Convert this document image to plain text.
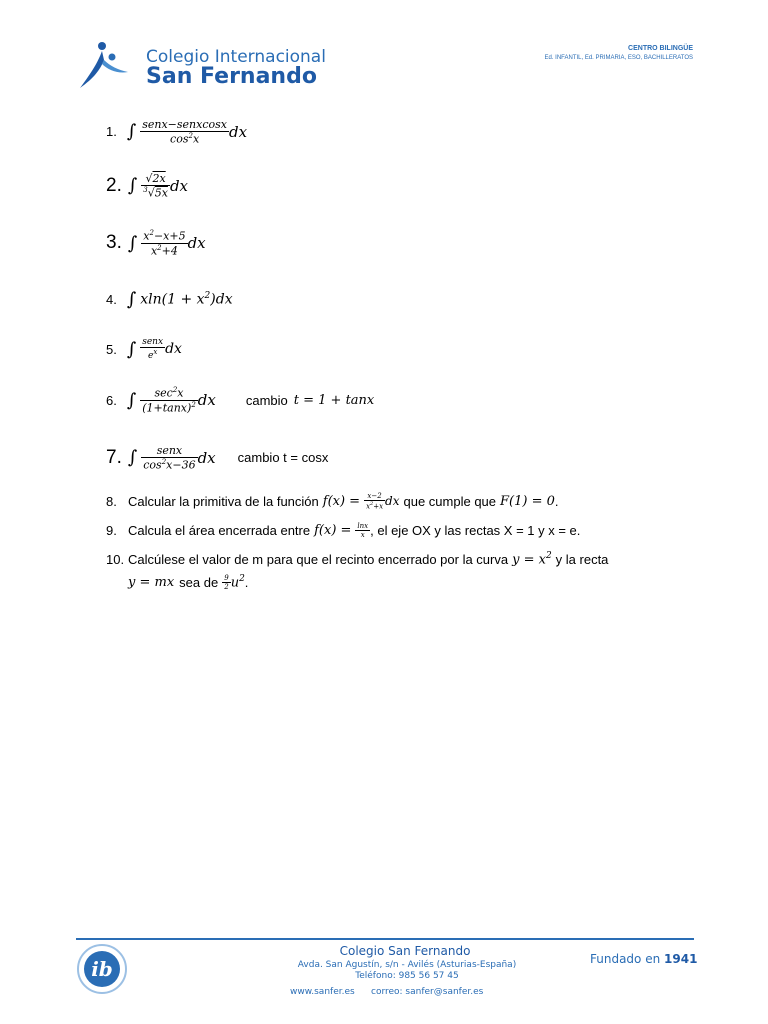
Colegio Internacional
San Fernando
CENTRO BILINGÜE
Ed. INFANTIL, Ed. PRIMARIA, ESO, BACHILLERATOS
1. ∫ $\frac{\text{senx−senxcosx}}{\cos^2x}$ dx
2. ∫ $\frac{√2x}{^3√5x}$ dx
3. ∫ $\frac{x^2-x+5}{x^2+4}$ dx
4. ∫ $xln(1 + x^2)dx$
5. ∫ $\frac{\text{senx}}{e^x}$ dx
6. ∫ $\frac{\sec^2x}{(1+\tan x)^2}$ dx cambio t = 1 + tanx
7. ∫ $\frac{\text{senx}}{\cos^2x-36}$ dx cambio t = cosx
8. Calcular la primitiva de la función $f(x) = \frac{x-2}{x^2+x}$ dx que cumple que F(1) = 0 .
9. Calcula el área encerrada entre $f(x) = \frac{\ln x}{x}$ , el eje OX y las rectas X = 1 y x = e.
10. Calcúlese el valor de m para que el recinto encerrado por la curva $y = x^2$ y la recta
y = mx sea de $\frac{9}{2} u^2$ .
ib
Colegio San Fernando
Avda. San Agustín, s/n - Avilés (Asturias-España)
Teléfono: 985 56 57 45
www.sanfer.es correo: sanfer@sanfer.es
Fundado en 1941
